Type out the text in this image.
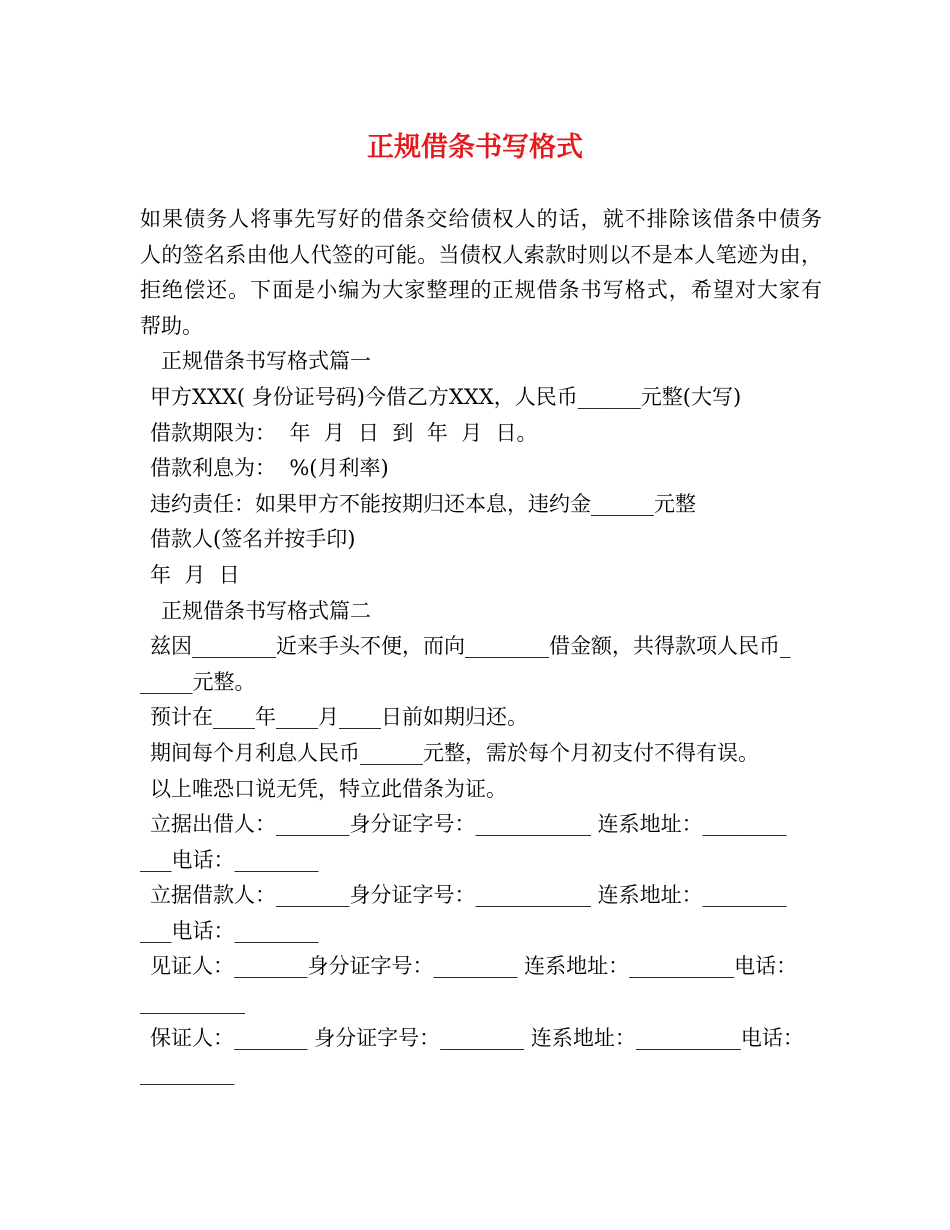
正规借条书写格式
如果债务人将事先写好的借条交给债权人的话，就不排除该借条中债务
人的签名系由他人代签的可能。当债权人索款时则以不是本人笔迹为由，
拒绝偿还。下面是小编为大家整理的正规借条书写格式，希望对大家有
帮助。
正规借条书写格式篇一
甲方XXX( 身份证号码)今借乙方XXX，人民币______元整(大写)
借款期限为：  年  月  日  到  年  月  日。
借款利息为：  %(月利率)
违约责任：如果甲方不能按期归还本息，违约金______元整
借款人(签名并按手印)
年  月  日
正规借条书写格式篇二
兹因________近来手头不便，而向________借金额，共得款项人民币_
_____元整。
预计在____年____月____日前如期归还。
期间每个月利息人民币______元整，需於每个月初支付不得有误。
以上唯恐口说无凭，特立此借条为证。
立据出借人：_______身分证字号：___________ 连系地址：________
___电话：________
立据借款人：_______身分证字号：___________ 连系地址：________
___电话：________
见证人：_______身分证字号：________ 连系地址：__________电话：
__________
保证人：_______ 身分证字号：________ 连系地址：__________电话：
_________
